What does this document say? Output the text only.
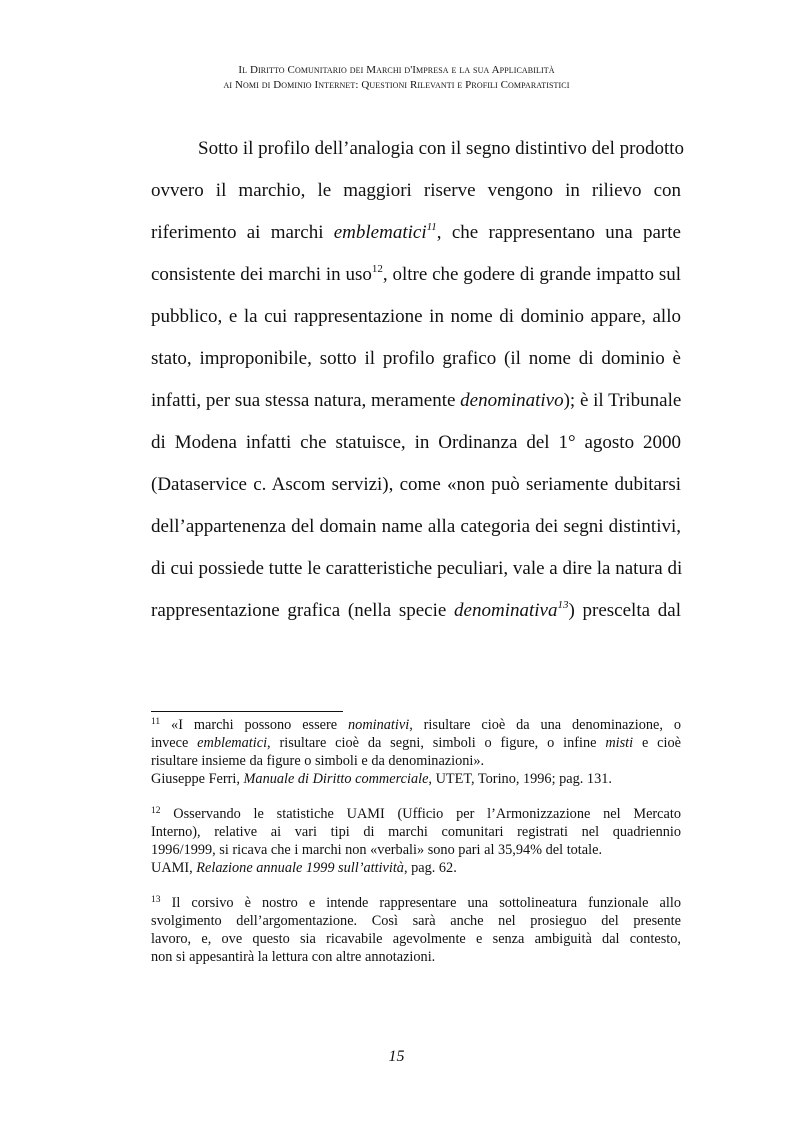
Il Diritto Comunitario dei Marchi d'Impresa e la sua Applicabilità
ai Nomi di Dominio Internet: Questioni Rilevanti e Profili Comparatistici
Sotto il profilo dell’analogia con il segno distintivo del prodotto
ovvero il marchio, le maggiori riserve vengono in rilievo con
riferimento ai marchi emblematici$^{11}$, che rappresentano una parte
consistente dei marchi in uso$^{12}$, oltre che godere di grande impatto sul
pubblico, e la cui rappresentazione in nome di dominio appare, allo
stato, improponibile, sotto il profilo grafico (il nome di dominio è
infatti, per sua stessa natura, meramente denominativo); è il Tribunale
di Modena infatti che statuisce, in Ordinanza del 1° agosto 2000
(Dataservice c. Ascom servizi), come «non può seriamente dubitarsi
dell’appartenenza del domain name alla categoria dei segni distintivi,
di cui possiede tutte le caratteristiche peculiari, vale a dire la natura di
rappresentazione grafica (nella specie denominativa$^{13}$) prescelta dal
$^{11}$ «I marchi possono essere nominativi, risultare cioè da una denominazione, o
invece emblematici, risultare cioè da segni, simboli o figure, o infine misti e cioè
risultare insieme da figure o simboli e da denominazioni».
Giuseppe Ferri, Manuale di Diritto commerciale, UTET, Torino, 1996; pag. 131.
$^{12}$ Osservando le statistiche UAMI (Ufficio per l’Armonizzazione nel Mercato
Interno), relative ai vari tipi di marchi comunitari registrati nel quadriennio
1996/1999, si ricava che i marchi non «verbali» sono pari al 35,94% del totale.
UAMI, Relazione annuale 1999 sull’attività, pag. 62.
$^{13}$ Il corsivo è nostro e intende rappresentare una sottolineatura funzionale allo
svolgimento dell’argomentazione. Così sarà anche nel prosieguo del presente
lavoro, e, ove questo sia ricavabile agevolmente e senza ambiguità dal contesto,
non si appesantirà la lettura con altre annotazioni.
15
